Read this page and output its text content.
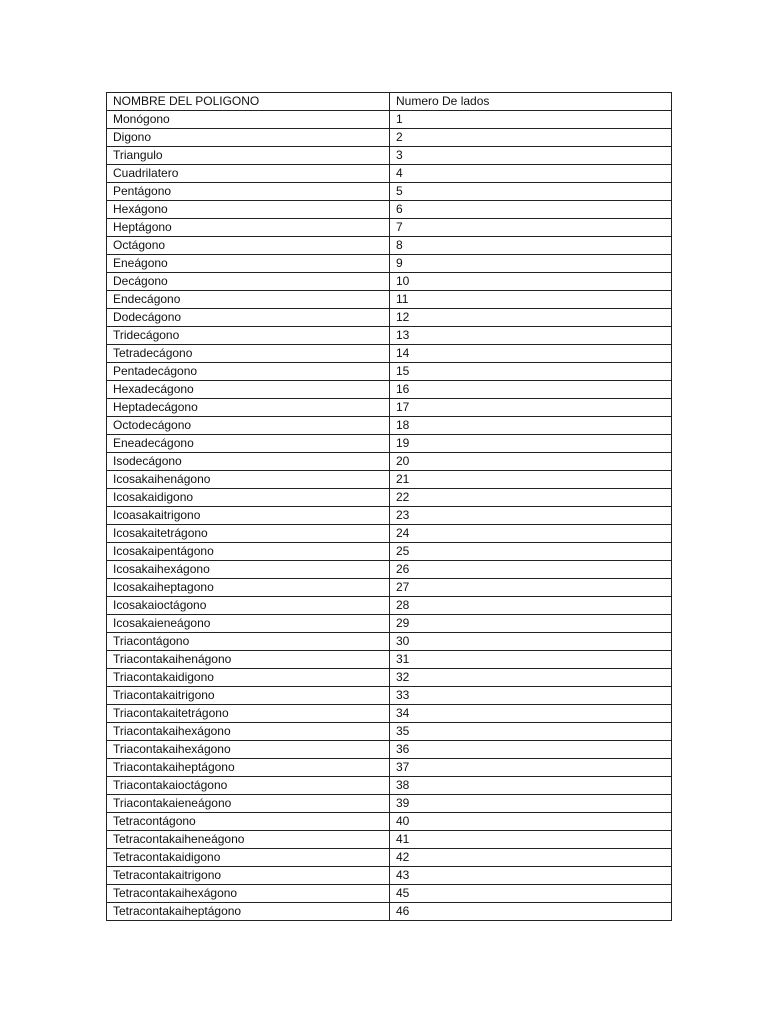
NOMBRE DEL POLIGONO	Numero De lados
Monógono	1
Digono	2
Triangulo	3
Cuadrilatero	4
Pentágono	5
Hexágono	6
Heptágono	7
Octágono	8
Eneágono	9
Decágono	10
Endecágono	11
Dodecágono	12
Tridecágono	13
Tetradecágono	14
Pentadecágono	15
Hexadecágono	16
Heptadecágono	17
Octodecágono	18
Eneadecágono	19
Isodecágono	20
Icosakaihenágono	21
Icosakaidigono	22
Icoasakaitrigono	23
Icosakaitetrágono	24
Icosakaipentágono	25
Icosakaihexágono	26
Icosakaiheptagono	27
Icosakaioctágono	28
Icosakaieneágono	29
Triacontágono	30
Triacontakaihenágono	31
Triacontakaidigono	32
Triacontakaitrigono	33
Triacontakaitetrágono	34
Triacontakaihexágono	35
Triacontakaihexágono	36
Triacontakaiheptágono	37
Triacontakaioctágono	38
Triacontakaieneágono	39
Tetracontágono	40
Tetracontakaiheneágono	41
Tetracontakaidigono	42
Tetracontakaitrigono	43
Tetracontakaihexágono	45
Tetracontakaiheptágono	46
